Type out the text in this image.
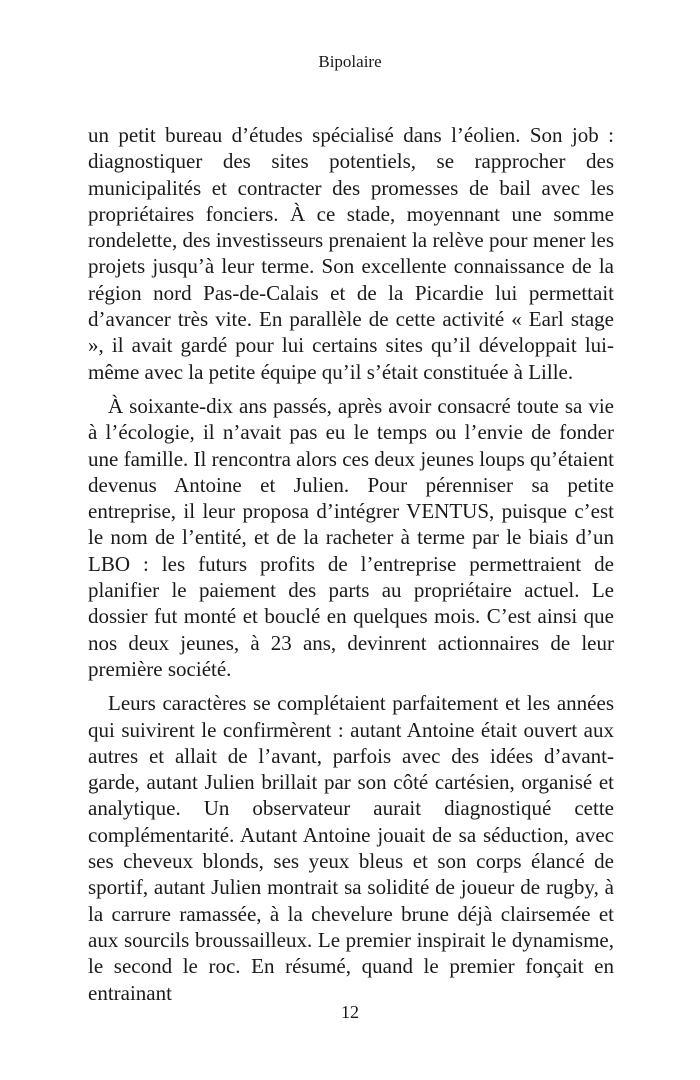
Bipolaire

un petit bureau d’études spécialisé dans l’éolien. Son job : diagnostiquer des sites potentiels, se rapprocher des municipalités et contracter des promesses de bail avec les propriétaires fonciers. À ce stade, moyennant une somme rondelette, des investisseurs prenaient la relève pour mener les projets jusqu’à leur terme. Son excellente connaissance de la région nord Pas-de-Calais et de la Picardie lui permettait d’avancer très vite. En parallèle de cette activité « Earl stage », il avait gardé pour lui certains sites qu’il développait lui-même avec la petite équipe qu’il s’était constituée à Lille.

À soixante-dix ans passés, après avoir consacré toute sa vie à l’écologie, il n’avait pas eu le temps ou l’envie de fonder une famille. Il rencontra alors ces deux jeunes loups qu’étaient devenus Antoine et Julien. Pour pérenniser sa petite entreprise, il leur proposa d’intégrer VENTUS, puisque c’est le nom de l’entité, et de la racheter à terme par le biais d’un LBO : les futurs profits de l’entreprise permettraient de planifier le paiement des parts au propriétaire actuel. Le dossier fut monté et bouclé en quelques mois. C’est ainsi que nos deux jeunes, à 23 ans, devinrent actionnaires de leur première société.

Leurs caractères se complétaient parfaitement et les années qui suivirent le confirmèrent : autant Antoine était ouvert aux autres et allait de l’avant, parfois avec des idées d’avant-garde, autant Julien brillait par son côté cartésien, organisé et analytique. Un observateur aurait diagnostiqué cette complémentarité. Autant Antoine jouait de sa séduction, avec ses cheveux blonds, ses yeux bleus et son corps élancé de sportif, autant Julien montrait sa solidité de joueur de rugby, à la carrure ramassée, à la chevelure brune déjà clairsemée et aux sourcils broussailleux. Le premier inspirait le dynamisme, le second le roc. En résumé, quand le premier fonçait en entrainant

12
